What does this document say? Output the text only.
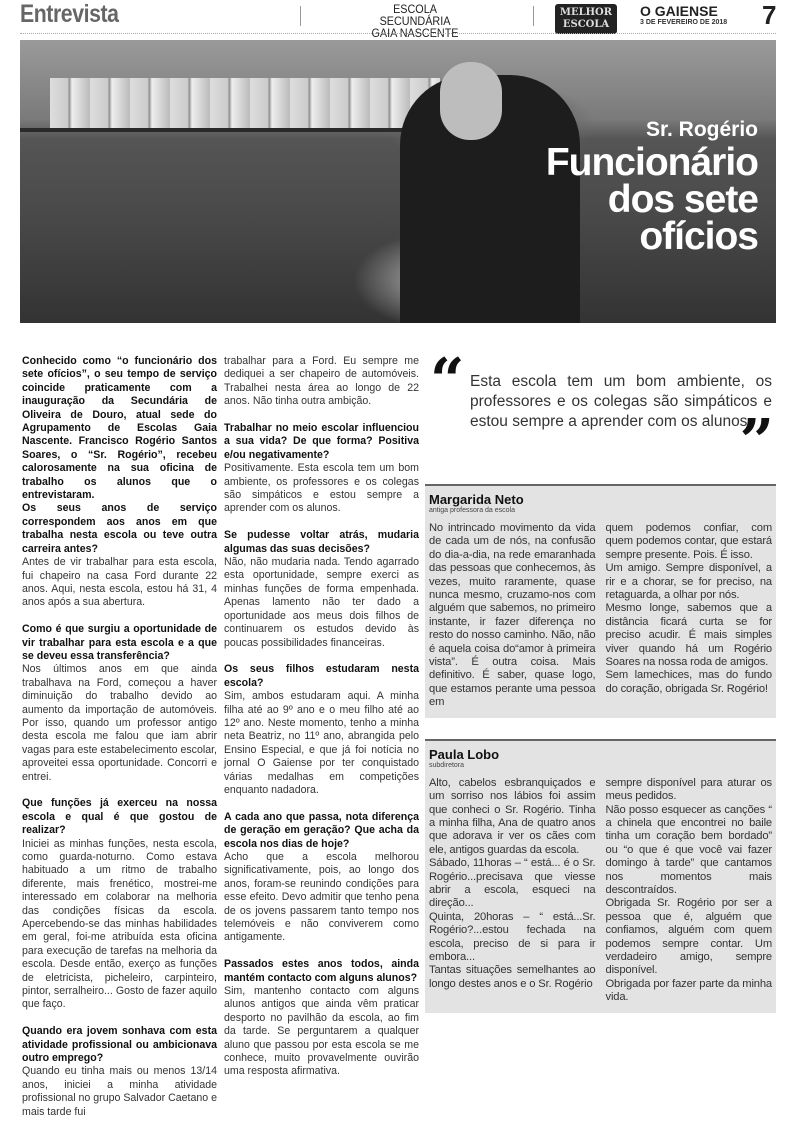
Entrevista	ESCOLA SECUNDÁRIA
GAIA NASCENTE
MELHOR
ESCOLA
O GAIENSE
3 DE FEVEREIRO DE 2018 7
Sr. Rogério
Funcionário dos sete ofícios

Conhecido como “o funcionário dos sete ofícios”, o seu tempo de serviço coincide praticamente com a inauguração da Secundária de Oliveira de Douro, atual sede do Agrupamento de Escolas Gaia Nascente. Francisco Rogério Santos Soares, o “Sr. Rogério”, recebeu calorosamente na sua oficina de trabalho os alunos que o entrevistaram.
Os seus anos de serviço correspondem aos anos em que trabalha nesta escola ou teve outra carreira antes?
Antes de vir trabalhar para esta escola, fui chapeiro na casa Ford durante 22 anos. Aqui, nesta escola, estou há 31, 4 anos após a sua abertura.

Como é que surgiu a oportunidade de vir trabalhar para esta escola e a que se deveu essa transferência?
Nos últimos anos em que ainda trabalhava na Ford, começou a haver diminuição do trabalho devido ao aumento da importação de automóveis. Por isso, quando um professor antigo desta escola me falou que iam abrir vagas para este estabelecimento escolar, aproveitei essa oportunidade. Concorri e entrei.

Que funções já exerceu na nossa escola e qual é que gostou de realizar?
Iniciei as minhas funções, nesta escola, como guarda-noturno. Como estava habituado a um ritmo de trabalho diferente, mais frenético, mostrei-me interessado em colaborar na melhoria das condições físicas da escola. Apercebendo-se das minhas habilidades em geral, foi-me atribuída esta oficina para execução de tarefas na melhoria da escola. Desde então, exerço as funções de eletricista, picheleiro, carpinteiro, pintor, serralheiro... Gosto de fazer aquilo que faço.

Quando era jovem sonhava com esta atividade profissional ou ambicionava outro emprego?
Quando eu tinha mais ou menos 13/14 anos, iniciei a minha atividade profissional no grupo Salvador Caetano e mais tarde fui

trabalhar para a Ford. Eu sempre me dediquei a ser chapeiro de automóveis. Trabalhei nesta área ao longo de 22 anos. Não tinha outra ambição.

Trabalhar no meio escolar influenciou a sua vida? De que forma? Positiva e/ou negativamente?
Positivamente. Esta escola tem um bom ambiente, os professores e os colegas são simpáticos e estou sempre a aprender com os alunos.

Se pudesse voltar atrás, mudaria algumas das suas decisões?
Não, não mudaria nada. Tendo agarrado esta oportunidade, sempre exerci as minhas funções de forma empenhada. Apenas lamento não ter dado a oportunidade aos meus dois filhos de continuarem os estudos devido às poucas possibilidades financeiras.

Os seus filhos estudaram nesta escola?
Sim, ambos estudaram aqui. A minha filha até ao 9º ano e o meu filho até ao 12º ano. Neste momento, tenho a minha neta Beatriz, no 11º ano, abrangida pelo Ensino Especial, e que já foi notícia no jornal O Gaiense por ter conquistado várias medalhas em competições enquanto nadadora.

A cada ano que passa, nota diferença de geração em geração? Que acha da escola nos dias de hoje?
Acho que a escola melhorou significativamente, pois, ao longo dos anos, foram-se reunindo condições para esse efeito. Devo admitir que tenho pena de os jovens passarem tanto tempo nos telemóveis e não conviverem como antigamente.

Passados estes anos todos, ainda mantém contacto com alguns alunos?
Sim, mantenho contacto com alguns alunos antigos que ainda vêm praticar desporto no pavilhão da escola, ao fim da tarde. Se perguntarem a qualquer aluno que passou por esta escola se me conhece, muito provavelmente ouvirão uma resposta afirmativa.

“ Esta escola tem um bom ambiente, os professores e os colegas são simpáticos e estou sempre a aprender com os alunos
”
Margarida Neto
antiga professora da escola
No intrincado movimento da vida de cada um de nós, na confusão do dia-a-dia, na rede emaranhada das pessoas que conhecemos, às vezes, muito raramente, quase nunca mesmo, cruzamo-nos com alguém que sabemos, no primeiro instante, ir fazer diferença no resto do nosso caminho. Não, não é aquela coisa do“amor à primeira vista”. É outra coisa. Mais definitivo. É saber, quase logo, que estamos perante uma pessoa em
quem podemos confiar, com quem podemos contar, que estará sempre presente. Pois. É isso.
Um amigo. Sempre disponível, a rir e a chorar, se for preciso, na retaguarda, a olhar por nós.
Mesmo longe, sabemos que a distância ficará curta se for preciso acudir. É mais simples viver quando há um Rogério Soares na nossa roda de amigos.
Sem lamechices, mas do fundo do coração, obrigada Sr. Rogério!
Paula Lobo
subdiretora
Alto, cabelos esbranquiçados e um sorriso nos lábios foi assim que conheci o Sr. Rogério. Tinha a minha filha, Ana de quatro anos que adorava ir ver os cães com ele, antigos guardas da escola.
Sábado, 11horas – “ está... é o Sr. Rogério...precisava que viesse abrir a escola, esqueci na direção...
Quinta, 20horas – “ está...Sr. Rogério?...estou fechada na escola, preciso de si para ir embora...
Tantas situações semelhantes ao longo destes anos e o Sr. Rogério
sempre disponível para aturar os meus pedidos.
Não posso esquecer as canções “ a chinela que encontrei no baile tinha um coração bem bordado” ou “o que é que você vai fazer domingo à tarde” que cantamos nos momentos mais descontraídos.
Obrigada Sr. Rogério por ser a pessoa que é, alguém que confiamos, alguém com quem podemos sempre contar. Um verdadeiro amigo, sempre disponível.
Obrigada por fazer parte da minha vida.
